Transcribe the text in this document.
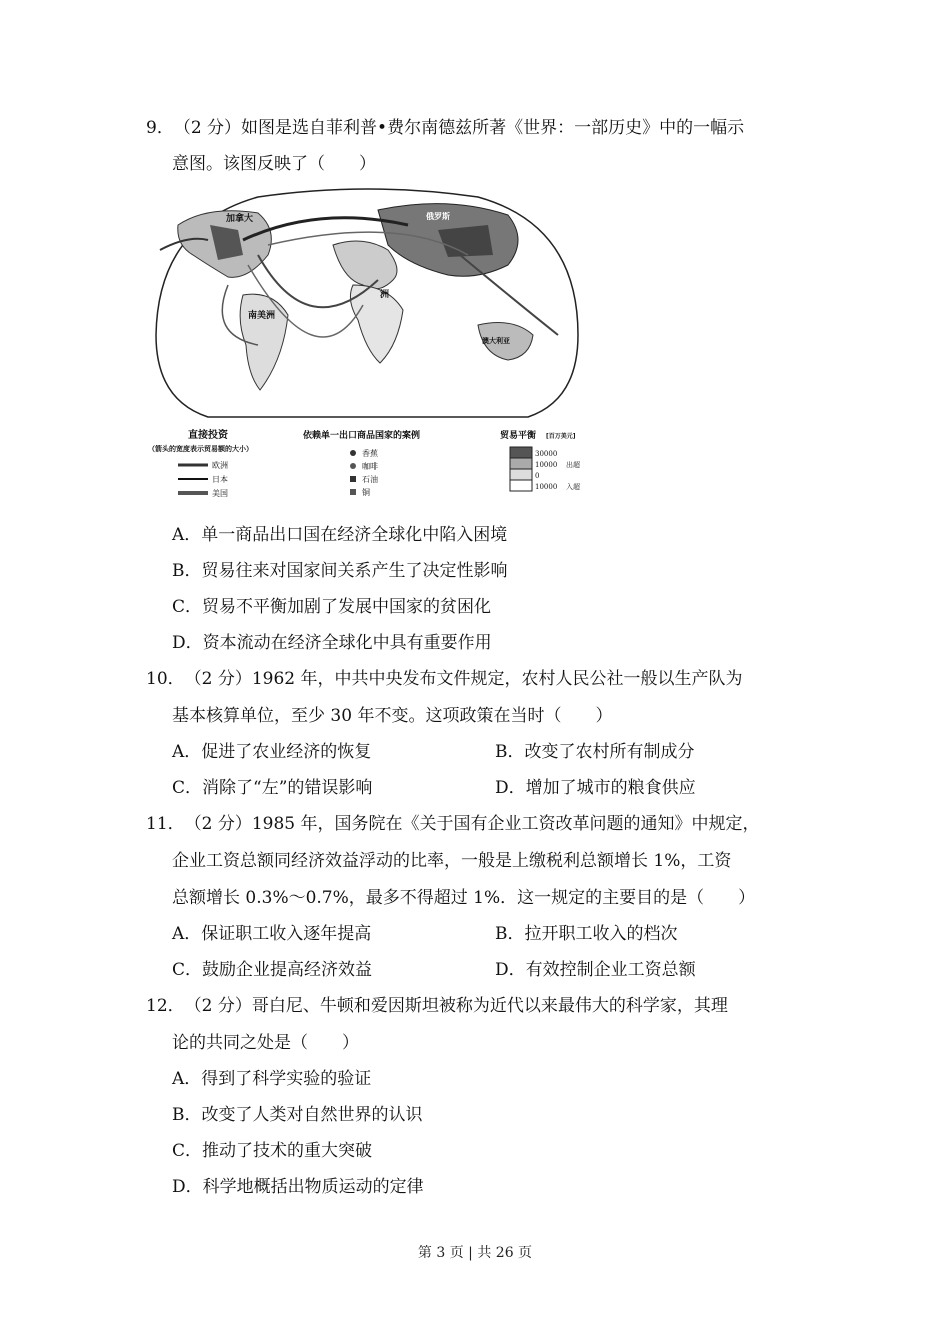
9．（2 分）如图是选自菲利普•费尔南德兹所著《世界：一部历史》中的一幅示
意图。该图反映了（　　）
加拿大
南美洲
俄罗斯
澳大利亚
洲
直接投资
（箭头的宽度表示贸易额的大小）
欧洲
日本
美国
依赖单一出口商品国家的案例
香蕉
咖啡
石油
铜
贸易平衡 [百万美元]
30000
10000
0
10000
出超
入超
A．单一商品出口国在经济全球化中陷入困境
B．贸易往来对国家间关系产生了决定性影响
C．贸易不平衡加剧了发展中国家的贫困化
D．资本流动在经济全球化中具有重要作用
10．（2 分）1962 年，中共中央发布文件规定，农村人民公社一般以生产队为
基本核算单位，至少 30 年不变。这项政策在当时（　　）
A．促进了农业经济的恢复	B．改变了农村所有制成分
C．消除了“左”的错误影响	D．增加了城市的粮食供应
11．（2 分）1985 年，国务院在《关于国有企业工资改革问题的通知》中规定，
企业工资总额同经济效益浮动的比率，一般是上缴税利总额增长 1%，工资
总额增长 0.3%～0.7%，最多不得超过 1%．这一规定的主要目的是（　　）
A．保证职工收入逐年提高	B．拉开职工收入的档次
C．鼓励企业提高经济效益	D．有效控制企业工资总额
12．（2 分）哥白尼、牛顿和爱因斯坦被称为近代以来最伟大的科学家，其理
论的共同之处是（　　）
A．得到了科学实验的验证
B．改变了人类对自然世界的认识
C．推动了技术的重大突破
D．科学地概括出物质运动的定律
第 3 页 | 共 26 页
